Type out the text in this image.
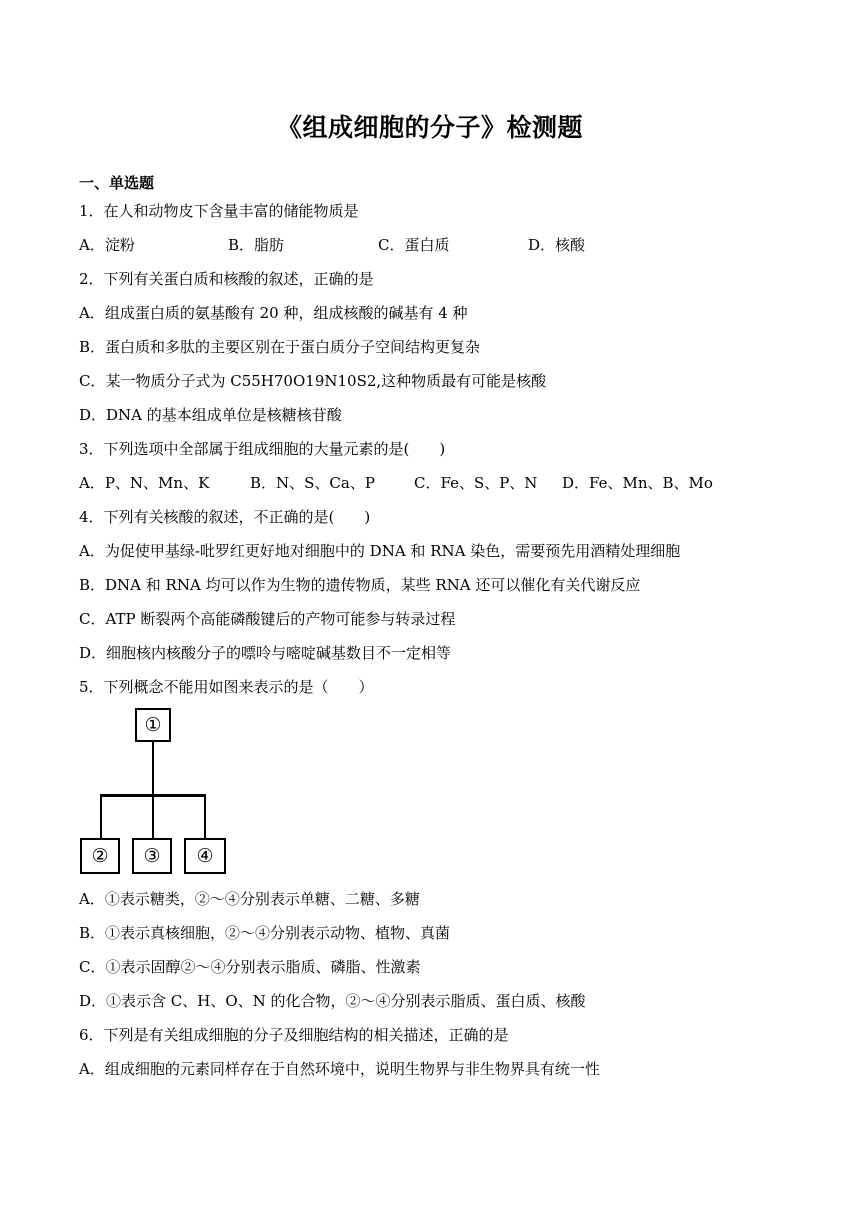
《组成细胞的分子》检测题
一、单选题
1．在人和动物皮下含量丰富的储能物质是
A．淀粉	B．脂肪	C．蛋白质	D．核酸
2．下列有关蛋白质和核酸的叙述，正确的是
A．组成蛋白质的氨基酸有 20 种，组成核酸的碱基有 4 种
B．蛋白质和多肽的主要区别在于蛋白质分子空间结构更复杂
C．某一物质分子式为 C55H70O19N10S2,这种物质最有可能是核酸
D．DNA 的基本组成单位是核糖核苷酸
3．下列选项中全部属于组成细胞的大量元素的是(　　)
A．P、N、Mn、K	B．N、S、Ca、P	C．Fe、S、P、N D．Fe、Mn、B、Mo
4．下列有关核酸的叙述，不正确的是(　　)
A．为促使甲基绿-吡罗红更好地对细胞中的 DNA 和 RNA 染色，需要预先用酒精处理细胞
B．DNA 和 RNA 均可以作为生物的遗传物质，某些 RNA 还可以催化有关代谢反应
C．ATP 断裂两个高能磷酸键后的产物可能参与转录过程
D．细胞核内核酸分子的嘌呤与嘧啶碱基数目不一定相等
5．下列概念不能用如图来表示的是（　　）
①
②	③	④
A．①表示糖类，②～④分别表示单糖、二糖、多糖
B．①表示真核细胞，②～④分别表示动物、植物、真菌
C．①表示固醇②～④分别表示脂质、磷脂、性激素
D．①表示含 C、H、O、N 的化合物，②～④分别表示脂质、蛋白质、核酸
6．下列是有关组成细胞的分子及细胞结构的相关描述，正确的是
A．组成细胞的元素同样存在于自然环境中，说明生物界与非生物界具有统一性
